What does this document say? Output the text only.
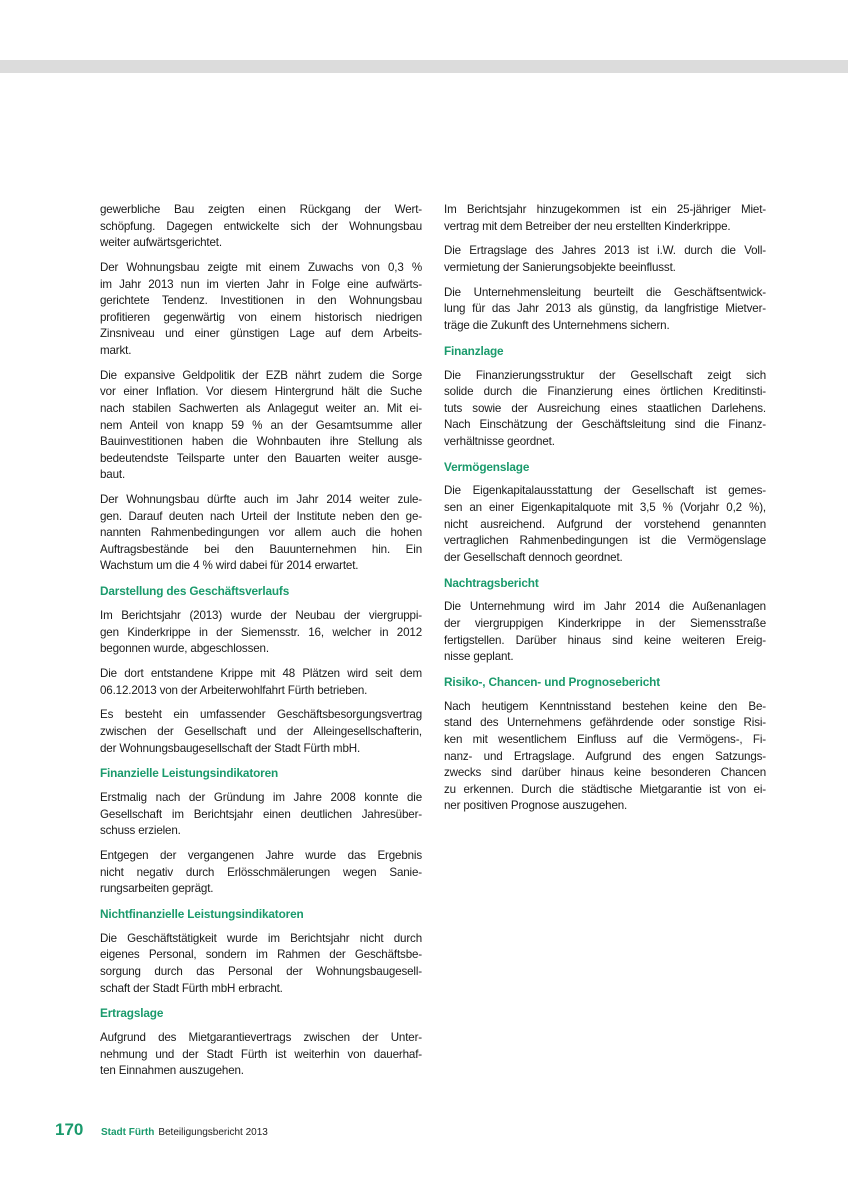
gewerbliche Bau zeigten einen Rückgang der Wert-
schöpfung. Dagegen entwickelte sich der Wohnungsbau
weiter aufwärtsgerichtet.
Der Wohnungsbau zeigte mit einem Zuwachs von 0,3 %
im Jahr 2013 nun im vierten Jahr in Folge eine aufwärts-
gerichtete Tendenz. Investitionen in den Wohnungsbau
profitieren gegenwärtig von einem historisch niedrigen
Zinsniveau und einer günstigen Lage auf dem Arbeits-
markt.
Die expansive Geldpolitik der EZB nährt zudem die Sorge
vor einer Inflation. Vor diesem Hintergrund hält die Suche
nach stabilen Sachwerten als Anlagegut weiter an. Mit ei-
nem Anteil von knapp 59 % an der Gesamtsumme aller
Bauinvestitionen haben die Wohnbauten ihre Stellung als
bedeutendste Teilsparte unter den Bauarten weiter ausge-
baut.
Der Wohnungsbau dürfte auch im Jahr 2014 weiter zule-
gen. Darauf deuten nach Urteil der Institute neben den ge-
nannten Rahmenbedingungen vor allem auch die hohen
Auftragsbestände bei den Bauunternehmen hin. Ein
Wachstum um die 4 % wird dabei für 2014 erwartet.
Darstellung des Geschäftsverlaufs
Im Berichtsjahr (2013) wurde der Neubau der viergruppi-
gen Kinderkrippe in der Siemensstr. 16, welcher in 2012
begonnen wurde, abgeschlossen.
Die dort entstandene Krippe mit 48 Plätzen wird seit dem
06.12.2013 von der Arbeiterwohlfahrt Fürth betrieben.
Es besteht ein umfassender Geschäftsbesorgungsvertrag
zwischen der Gesellschaft und der Alleingesellschafterin,
der Wohnungsbaugesellschaft der Stadt Fürth mbH.
Finanzielle Leistungsindikatoren
Erstmalig nach der Gründung im Jahre 2008 konnte die
Gesellschaft im Berichtsjahr einen deutlichen Jahresüber-
schuss erzielen.
Entgegen der vergangenen Jahre wurde das Ergebnis
nicht negativ durch Erlösschmälerungen wegen Sanie-
rungsarbeiten geprägt.
Nichtfinanzielle Leistungsindikatoren
Die Geschäftstätigkeit wurde im Berichtsjahr nicht durch
eigenes Personal, sondern im Rahmen der Geschäftsbe-
sorgung durch das Personal der Wohnungsbaugesell-
schaft der Stadt Fürth mbH erbracht.
Ertragslage
Aufgrund des Mietgarantievertrags zwischen der Unter-
nehmung und der Stadt Fürth ist weiterhin von dauerhaf-
ten Einnahmen auszugehen.
Im Berichtsjahr hinzugekommen ist ein 25-jähriger Miet-
vertrag mit dem Betreiber der neu erstellten Kinderkrippe.
Die Ertragslage des Jahres 2013 ist i.W. durch die Voll-
vermietung der Sanierungsobjekte beeinflusst.
Die Unternehmensleitung beurteilt die Geschäftsentwick-
lung für das Jahr 2013 als günstig, da langfristige Mietver-
träge die Zukunft des Unternehmens sichern.
Finanzlage
Die Finanzierungsstruktur der Gesellschaft zeigt sich
solide durch die Finanzierung eines örtlichen Kreditinsti-
tuts sowie der Ausreichung eines staatlichen Darlehens.
Nach Einschätzung der Geschäftsleitung sind die Finanz-
verhältnisse geordnet.
Vermögenslage
Die Eigenkapitalausstattung der Gesellschaft ist gemes-
sen an einer Eigenkapitalquote mit 3,5 % (Vorjahr 0,2 %),
nicht ausreichend. Aufgrund der vorstehend genannten
vertraglichen Rahmenbedingungen ist die Vermögenslage
der Gesellschaft dennoch geordnet.
Nachtragsbericht
Die Unternehmung wird im Jahr 2014 die Außenanlagen
der viergruppigen Kinderkrippe in der Siemensstraße
fertigstellen. Darüber hinaus sind keine weiteren Ereig-
nisse geplant.
Risiko-, Chancen- und Prognosebericht
Nach heutigem Kenntnisstand bestehen keine den Be-
stand des Unternehmens gefährdende oder sonstige Risi-
ken mit wesentlichem Einfluss auf die Vermögens-, Fi-
nanz- und Ertragslage. Aufgrund des engen Satzungs-
zwecks sind darüber hinaus keine besonderen Chancen
zu erkennen. Durch die städtische Mietgarantie ist von ei-
ner positiven Prognose auszugehen.
170	Stadt Fürth Beteiligungsbericht 2013
